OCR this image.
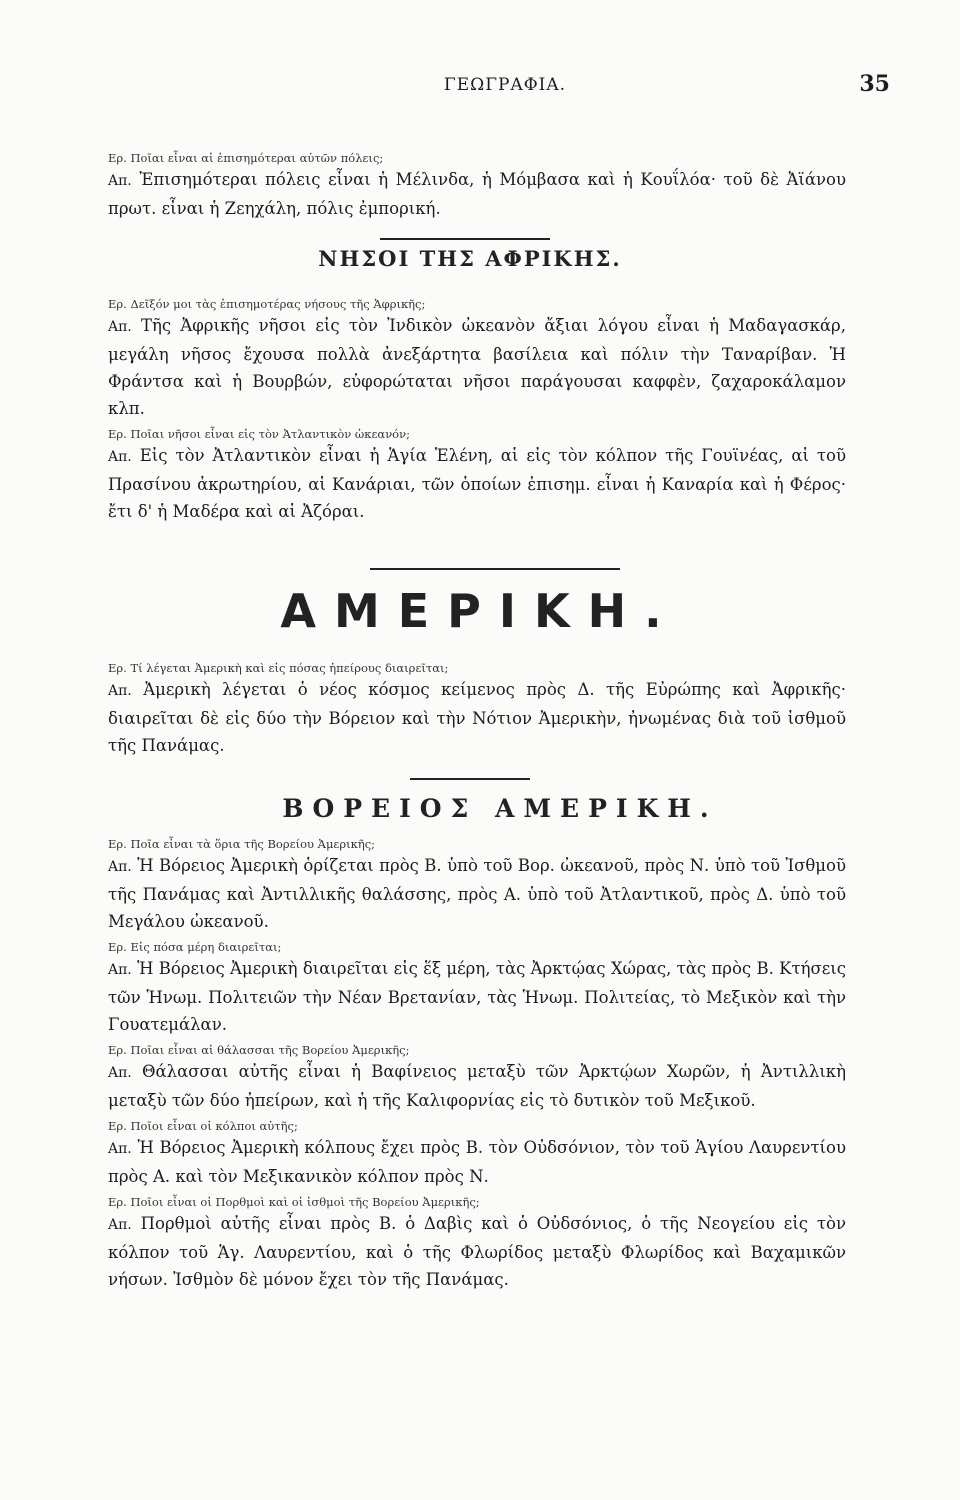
ΓΕΩΓΡΑΦΙΑ.	35
Ερ. Ποῖαι εἶναι αἱ ἐπισημότεραι αὐτῶν πόλεις;
Απ. Ἐπισημότεραι πόλεις εἶναι ἡ Μέλινδα, ἡ Μόμβασα καὶ ἡ Κουΐλόα· τοῦ δὲ Ἀϊάνου πρωτ. εἶναι ἡ Ζεηχάλη, πόλις ἐμπορική.
ΝΗΣΟΙ ΤΗΣ ΑΦΡΙΚΗΣ.
Ερ. Δεῖξόν μοι τὰς ἐπισημοτέρας νήσους τῆς Ἀφρικῆς;
Απ. Τῆς Ἀφρικῆς νῆσοι εἰς τὸν Ἰνδικὸν ὠκεανὸν ἄξιαι λόγου εἶναι ἡ Μαδαγασκάρ, μεγάλη νῆσος ἔχουσα πολλὰ ἀνεξάρτητα βασίλεια καὶ πόλιν τὴν Ταναρίβαν. Ἡ Φράντσα καὶ ἡ Βουρβών, εὐφορώταται νῆσοι παράγουσαι καφφὲν, ζαχαροκάλαμον κλπ.
Ερ. Ποῖαι νῆσοι εἶναι εἰς τὸν Ἀτλαντικὸν ὠκεανόν;
Απ. Εἰς τὸν Ἀτλαντικὸν εἶναι ἡ Ἁγία Ἑλένη, αἱ εἰς τὸν κόλπον τῆς Γουϊνέας, αἱ τοῦ Πρασίνου ἀκρωτηρίου, αἱ Κανάριαι, τῶν ὁποίων ἐπισημ. εἶναι ἡ Καναρία καὶ ἡ Φέρος· ἔτι δ' ἡ Μαδέρα καὶ αἱ Ἀζόραι.
ΑΜΕΡΙΚΗ.
Ερ. Τί λέγεται Ἀμερικὴ καὶ εἰς πόσας ἠπείρους διαιρεῖται;
Απ. Ἀμερικὴ λέγεται ὁ νέος κόσμος κείμενος πρὸς Δ. τῆς Εὐρώπης καὶ Ἀφρικῆς· διαιρεῖται δὲ εἰς δύο τὴν Βόρειον καὶ τὴν Νότιον Ἀμερικὴν, ἠνωμένας διὰ τοῦ ἰσθμοῦ τῆς Πανάμας.
ΒΟΡΕΙΟΣ ΑΜΕΡΙΚΗ.
Ερ. Ποῖα εἶναι τὰ ὅρια τῆς Βορείου Ἀμερικῆς;
Απ. Ἡ Βόρειος Ἀμερικὴ ὁρίζεται πρὸς Β. ὑπὸ τοῦ Βορ. ὠκεανοῦ, πρὸς Ν. ὑπὸ τοῦ Ἰσθμοῦ τῆς Πανάμας καὶ Ἀντιλλικῆς θαλάσσης, πρὸς Α. ὑπὸ τοῦ Ἀτλαντικοῦ, πρὸς Δ. ὑπὸ τοῦ Μεγάλου ὠκεανοῦ.
Ερ. Εἰς πόσα μέρη διαιρεῖται;
Απ. Ἡ Βόρειος Ἀμερικὴ διαιρεῖται εἰς ἕξ μέρη, τὰς Ἀρκτῴας Χώρας, τὰς πρὸς Β. Κτήσεις τῶν Ἡνωμ. Πολιτειῶν τὴν Νέαν Βρετανίαν, τὰς Ἡνωμ. Πολιτείας, τὸ Μεξικὸν καὶ τὴν Γουατεμάλαν.
Ερ. Ποῖαι εἶναι αἱ θάλασσαι τῆς Βορείου Ἀμερικῆς;
Απ. Θάλασσαι αὐτῆς εἶναι ἡ Βαφίνειος μεταξὺ τῶν Ἀρκτῴων Χωρῶν, ἡ Ἀντιλλικὴ μεταξὺ τῶν δύο ἠπείρων, καὶ ἡ τῆς Καλιφορνίας εἰς τὸ δυτικὸν τοῦ Μεξικοῦ.
Ερ. Ποῖοι εἶναι οἱ κόλποι αὐτῆς;
Απ. Ἡ Βόρειος Ἀμερικὴ κόλπους ἔχει πρὸς Β. τὸν Οὐδσόνιον, τὸν τοῦ Ἁγίου Λαυρεντίου πρὸς Α. καὶ τὸν Μεξικανικὸν κόλπον πρὸς Ν.
Ερ. Ποῖοι εἶναι οἱ Πορθμοὶ καὶ οἱ ἰσθμοὶ τῆς Βορείου Ἀμερικῆς;
Απ. Πορθμοὶ αὐτῆς εἶναι πρὸς Β. ὁ Δαβὶς καὶ ὁ Οὐδσόνιος, ὁ τῆς Νεογείου εἰς τὸν κόλπον τοῦ Ἁγ. Λαυρεντίου, καὶ ὁ τῆς Φλωρίδος μεταξὺ Φλωρίδος καὶ Βαχαμικῶν νήσων. Ἰσθμὸν δὲ μόνον ἔχει τὸν τῆς Πανάμας.
